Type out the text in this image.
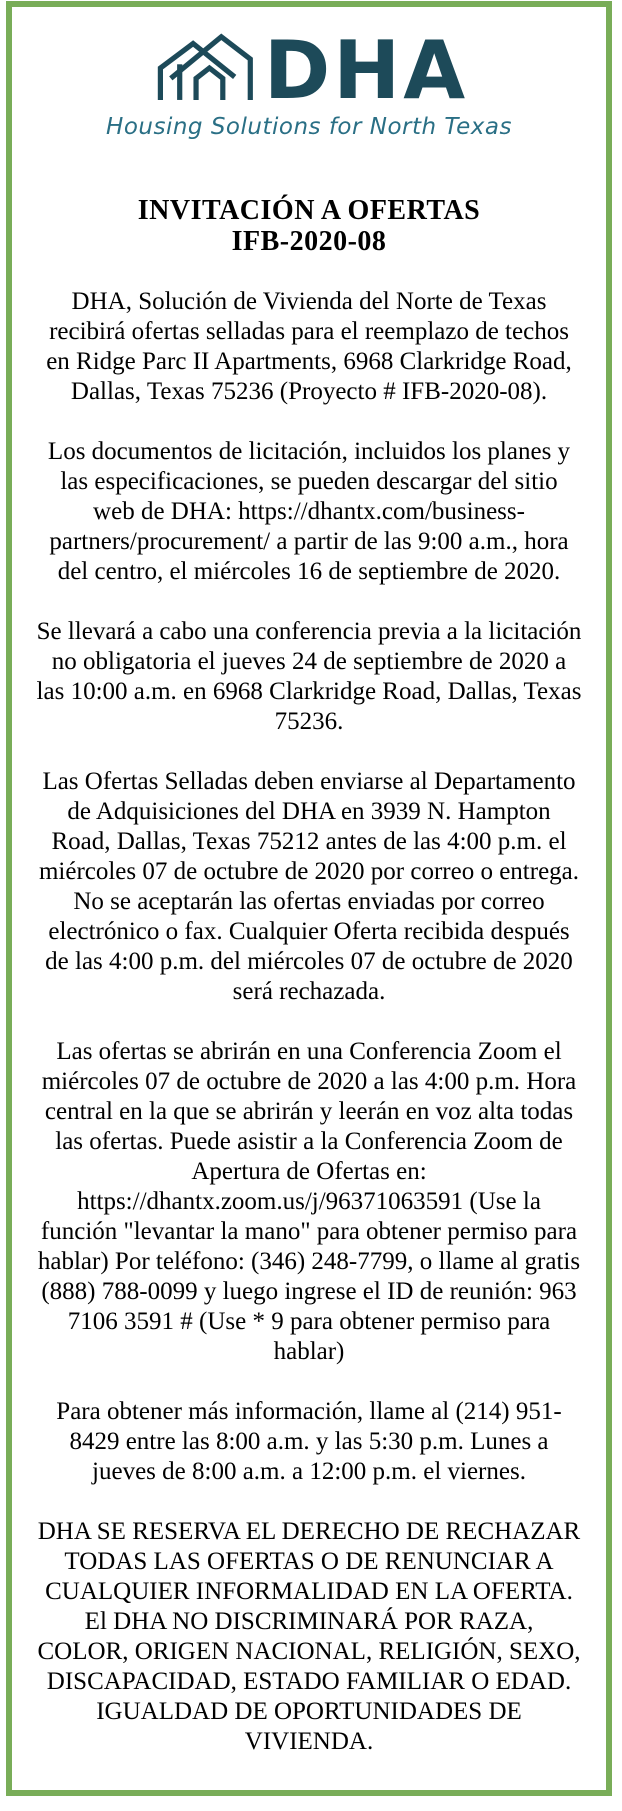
DHA
Housing Solutions for North Texas
INVITACIÓN A OFERTAS
IFB-2020-08

DHA, Solución de Vivienda del Norte de Texas recibirá ofertas selladas para el reemplazo de techos en Ridge Parc II Apartments, 6968 Clarkridge Road, Dallas, Texas 75236 (Proyecto # IFB-2020-08).

Los documentos de licitación, incluidos los planes y las especificaciones, se pueden descargar del sitio web de DHA: https://dhantx.com/business-partners/procurement/ a partir de las 9:00 a.m., hora del centro, el miércoles 16 de septiembre de 2020.

Se llevará a cabo una conferencia previa a la licitación no obligatoria el jueves 24 de septiembre de 2020 a las 10:00 a.m. en 6968 Clarkridge Road, Dallas, Texas 75236.

Las Ofertas Selladas deben enviarse al Departamento de Adquisiciones del DHA en 3939 N. Hampton Road, Dallas, Texas 75212 antes de las 4:00 p.m. el miércoles 07 de octubre de 2020 por correo o entrega. No se aceptarán las ofertas enviadas por correo electrónico o fax. Cualquier Oferta recibida después de las 4:00 p.m. del miércoles 07 de octubre de 2020 será rechazada.

Las ofertas se abrirán en una Conferencia Zoom el miércoles 07 de octubre de 2020 a las 4:00 p.m. Hora central en la que se abrirán y leerán en voz alta todas las ofertas. Puede asistir a la Conferencia Zoom de Apertura de Ofertas en: https://dhantx.zoom.us/j/96371063591 (Use la función "levantar la mano" para obtener permiso para hablar) Por teléfono: (346) 248-7799, o llame al gratis (888) 788-0099 y luego ingrese el ID de reunión: 963 7106 3591 # (Use * 9 para obtener permiso para hablar)

Para obtener más información, llame al (214) 951-8429 entre las 8:00 a.m. y las 5:30 p.m. Lunes a jueves de 8:00 a.m. a 12:00 p.m. el viernes.

DHA SE RESERVA EL DERECHO DE RECHAZAR TODAS LAS OFERTAS O DE RENUNCIAR A CUALQUIER INFORMALIDAD EN LA OFERTA. El DHA NO DISCRIMINARÁ POR RAZA, COLOR, ORIGEN NACIONAL, RELIGIÓN, SEXO, DISCAPACIDAD, ESTADO FAMILIAR O EDAD. IGUALDAD DE OPORTUNIDADES DE VIVIENDA.
